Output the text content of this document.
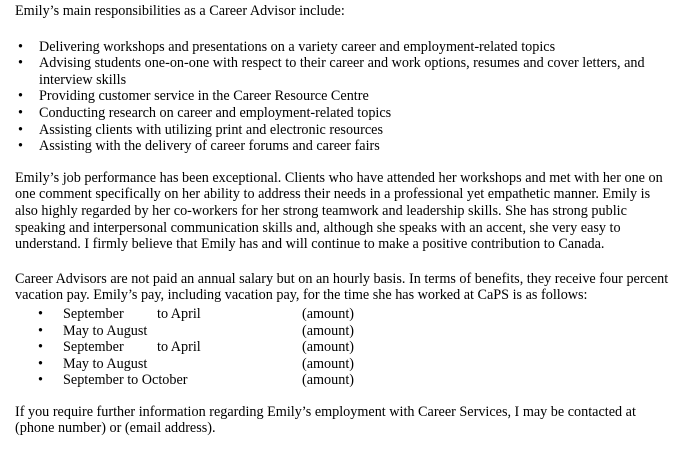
Emily’s main responsibilities as a Career Advisor include:

•	Delivering workshops and presentations on a variety career and employment-related topics
•	Advising students one-on-one with respect to their career and work options, resumes and cover letters, and interview skills
•	Providing customer service in the Career Resource Centre
•	Conducting research on career and employment-related topics
•	Assisting clients with utilizing print and electronic resources
•	Assisting with the delivery of career forums and career fairs

Emily’s job performance has been exceptional. Clients who have attended her workshops and met with her one on one comment specifically on her ability to address their needs in a professional yet empathetic manner. Emily is also highly regarded by her co-workers for her strong teamwork and leadership skills. She has strong public speaking and interpersonal communication skills and, although she speaks with an accent, she very easy to understand. I firmly believe that Emily has and will continue to make a positive contribution to Canada.

Career Advisors are not paid an annual salary but on an hourly basis. In terms of benefits, they receive four percent vacation pay. Emily’s pay, including vacation pay, for the time she has worked at CaPS is as follows:

•	September to April	(amount)
•	May to August	(amount)
•	September to April	(amount)
•	May to August	(amount)
•	September to October	(amount)

If you require further information regarding Emily’s employment with Career Services, I may be contacted at (phone number) or (email address).
